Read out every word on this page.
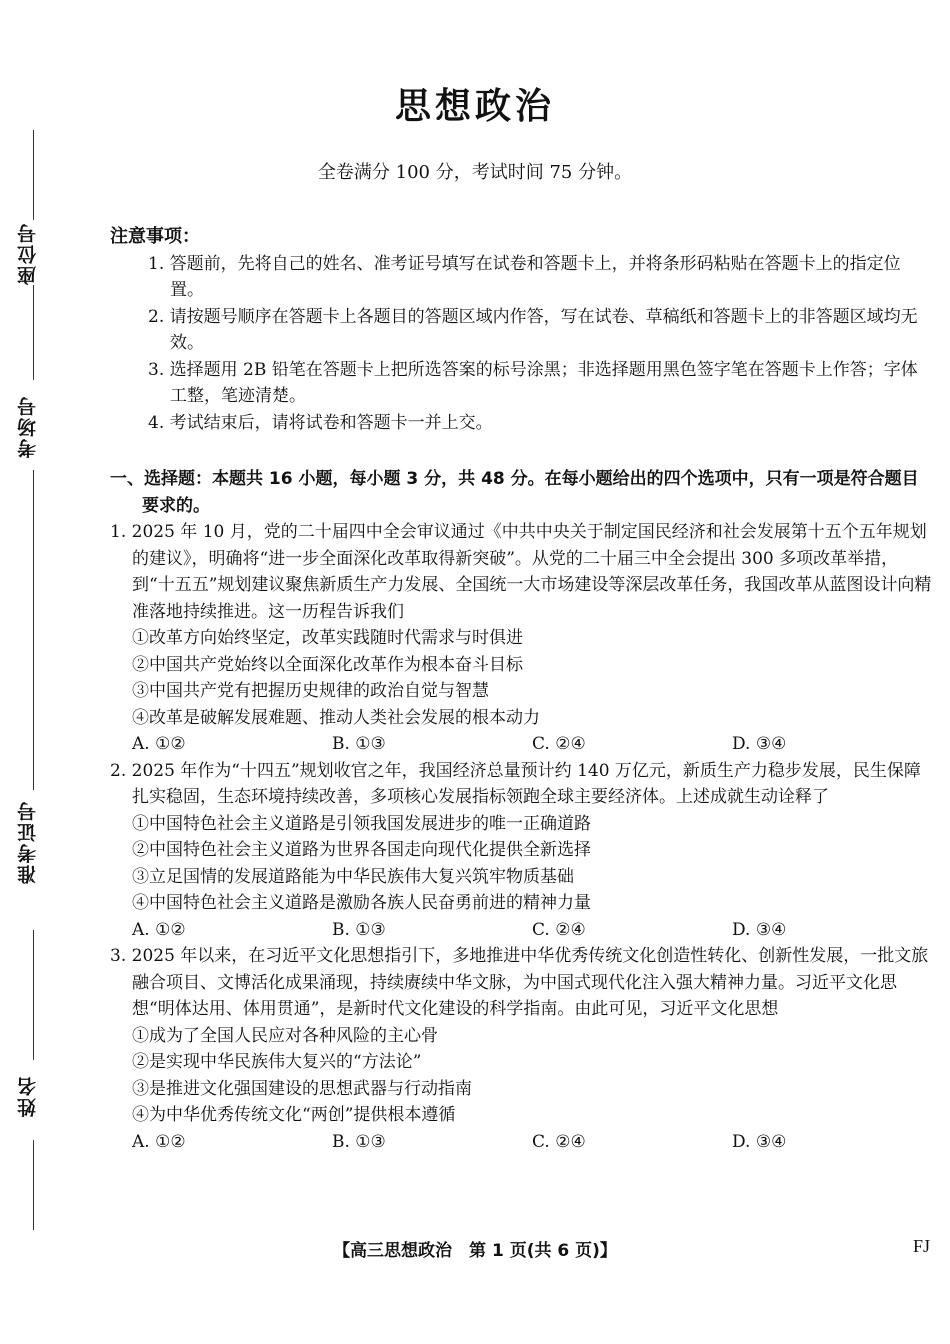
座位号
考场号
准考证号
姓名
思想政治
全卷满分 100 分，考试时间 75 分钟。
注意事项：
1. 答题前，先将自己的姓名、准考证号填写在试卷和答题卡上，并将条形码粘贴在答题卡上的指定位置。
2. 请按题号顺序在答题卡上各题目的答题区域内作答，写在试卷、草稿纸和答题卡上的非答题区域均无效。
3. 选择题用 2B 铅笔在答题卡上把所选答案的标号涂黑；非选择题用黑色签字笔在答题卡上作答；字体工整，笔迹清楚。
4. 考试结束后，请将试卷和答题卡一并上交。
一、选择题：本题共 16 小题，每小题 3 分，共 48 分。在每小题给出的四个选项中，只有一项是符合题目要求的。
1. 2025 年 10 月，党的二十届四中全会审议通过《中共中央关于制定国民经济和社会发展第十五个五年规划的建议》，明确将“进一步全面深化改革取得新突破”。从党的二十届三中全会提出 300 多项改革举措，到“十五五”规划建议聚焦新质生产力发展、全国统一大市场建设等深层改革任务，我国改革从蓝图设计向精准落地持续推进。这一历程告诉我们
①改革方向始终坚定，改革实践随时代需求与时俱进
②中国共产党始终以全面深化改革作为根本奋斗目标
③中国共产党有把握历史规律的政治自觉与智慧
④改革是破解发展难题、推动人类社会发展的根本动力
A. ①②	B. ①③	C. ②④	D. ③④
2. 2025 年作为“十四五”规划收官之年，我国经济总量预计约 140 万亿元，新质生产力稳步发展，民生保障扎实稳固，生态环境持续改善，多项核心发展指标领跑全球主要经济体。上述成就生动诠释了
①中国特色社会主义道路是引领我国发展进步的唯一正确道路
②中国特色社会主义道路为世界各国走向现代化提供全新选择
③立足国情的发展道路能为中华民族伟大复兴筑牢物质基础
④中国特色社会主义道路是激励各族人民奋勇前进的精神力量
A. ①②	B. ①③	C. ②④	D. ③④
3. 2025 年以来，在习近平文化思想指引下，多地推进中华优秀传统文化创造性转化、创新性发展，一批文旅融合项目、文博活化成果涌现，持续赓续中华文脉，为中国式现代化注入强大精神力量。习近平文化思想“明体达用、体用贯通”，是新时代文化建设的科学指南。由此可见，习近平文化思想
①成为了全国人民应对各种风险的主心骨
②是实现中华民族伟大复兴的“方法论”
③是推进文化强国建设的思想武器与行动指南
④为中华优秀传统文化“两创”提供根本遵循
A. ①②	B. ①③	C. ②④	D. ③④
【高三思想政治　第 1 页(共 6 页)】	FJ
